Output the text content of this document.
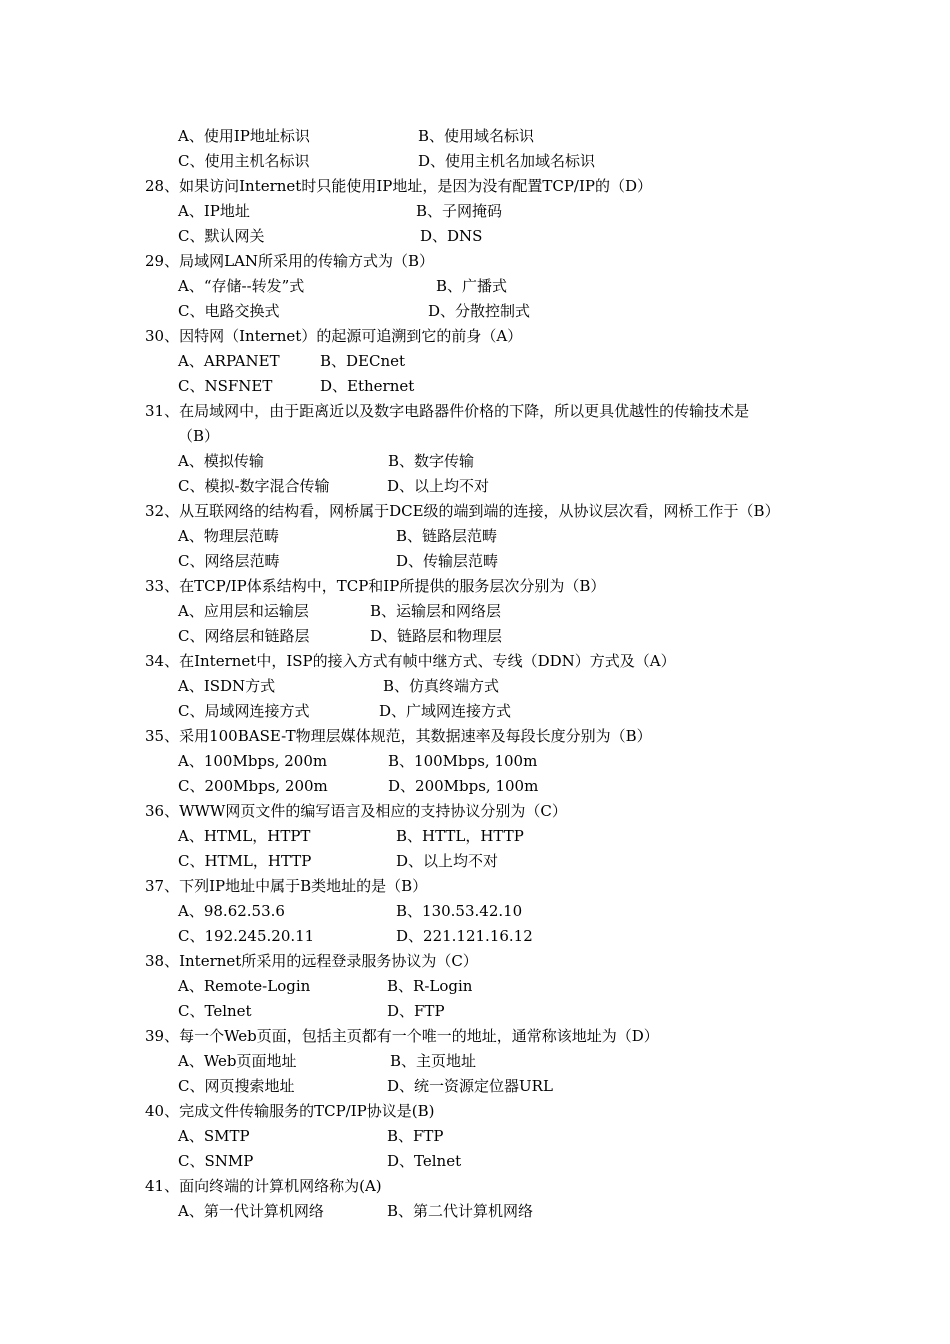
A、使用IP地址标识	B、使用域名标识
C、使用主机名标识	D、使用主机名加域名标识
28、如果访问Internet时只能使用IP地址，是因为没有配置TCP/IP的（D）
A、IP地址	B、子网掩码
C、默认网关	D、DNS
29、局域网LAN所采用的传输方式为（B）
A、“存储--转发”式	B、广播式
C、电路交换式	D、分散控制式
30、因特网（Internet）的起源可追溯到它的前身（A）
A、ARPANET	B、DECnet
C、NSFNET	D、Ethernet
31、在局域网中，由于距离近以及数字电路器件价格的下降，所以更具优越性的传输技术是
（B）
A、模拟传输	B、数字传输
C、模拟-数字混合传输	D、以上均不对
32、从互联网络的结构看，网桥属于DCE级的端到端的连接，从协议层次看，网桥工作于（B）
A、物理层范畴	B、链路层范畴
C、网络层范畴	D、传输层范畴
33、在TCP/IP体系结构中，TCP和IP所提供的服务层次分别为（B）
A、应用层和运输层	B、运输层和网络层
C、网络层和链路层	D、链路层和物理层
34、在Internet中，ISP的接入方式有帧中继方式、专线（DDN）方式及（A）
A、ISDN方式	B、仿真终端方式
C、局域网连接方式	D、广域网连接方式
35、采用100BASE-T物理层媒体规范，其数据速率及每段长度分别为（B）
A、100Mbps, 200m	B、100Mbps, 100m
C、200Mbps, 200m	D、200Mbps, 100m
36、WWW网页文件的编写语言及相应的支持协议分别为（C）
A、HTML，HTPT	B、HTTL，HTTP
C、HTML，HTTP	D、以上均不对
37、下列IP地址中属于B类地址的是（B）
A、98.62.53.6	B、130.53.42.10
C、192.245.20.11	D、221.121.16.12
38、Internet所采用的远程登录服务协议为（C）
A、Remote-Login	B、R-Login
C、Telnet	D、FTP
39、每一个Web页面，包括主页都有一个唯一的地址，通常称该地址为（D）
A、Web页面地址	B、主页地址
C、网页搜索地址	D、统一资源定位器URL
40、完成文件传输服务的TCP/IP协议是(B)
A、SMTP	B、FTP
C、SNMP	D、Telnet
41、面向终端的计算机网络称为(A)
A、第一代计算机网络	B、第二代计算机网络
